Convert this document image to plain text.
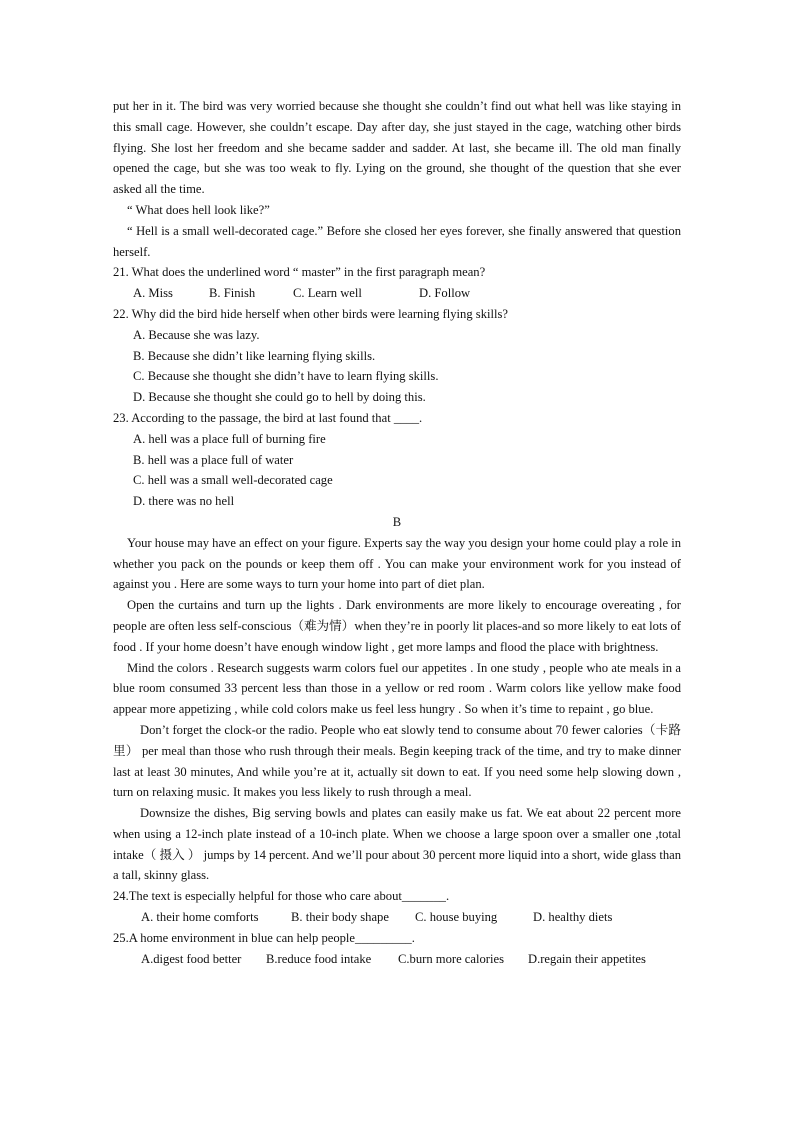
put her in it. The bird was very worried because she thought she couldn’t find out what hell was like staying in this small cage. However, she couldn’t escape. Day after day, she just stayed in the cage, watching other birds flying. She lost her freedom and she became sadder and sadder. At last, she became ill. The old man finally opened the cage, but she was too weak to fly. Lying on the ground, she thought of the question that she ever asked all the time.

“ What does hell look like?”

“ Hell is a small well-decorated cage.” Before she closed her eyes forever, she finally answered that question herself.

21. What does the underlined word “ master” in the first paragraph mean?

A. Miss	B. Finish	C. Learn well	D. Follow

22. Why did the bird hide herself when other birds were learning flying skills?

A. Because she was lazy.

B. Because she didn’t like learning flying skills.

C. Because she thought she didn’t have to learn flying skills.

D. Because she thought she could go to hell by doing this.

23. According to the passage, the bird at last found that ____.

A. hell was a place full of burning fire

B. hell was a place full of water

C. hell was a small well-decorated cage

D. there was no hell

B

Your house may have an effect on your figure. Experts say the way you design your home could play a role in whether you pack on the pounds or keep them off . You can make your environment work for you instead of against you . Here are some ways to turn your home into part of diet plan.

Open the curtains and turn up the lights . Dark environments are more likely to encourage overeating , for people are often less self-conscious（难为情）when they’re in poorly lit places-and so more likely to eat lots of food . If your home doesn’t have enough window light , get more lamps and flood the place with brightness.

Mind the colors . Research suggests warm colors fuel our appetites . In one study , people who ate meals in a blue room consumed 33 percent less than those in a yellow or red room . Warm colors like yellow make food appear more appetizing , while cold colors make us feel less hungry . So when it’s time to repaint , go blue.

Don’t forget the clock-or the radio. People who eat slowly tend to consume about 70 fewer calories（卡路里） per meal than those who rush through their meals. Begin keeping track of the time, and try to make dinner last at least 30 minutes, And while you’re at it, actually sit down to eat. If you need some help slowing down , turn on relaxing music. It makes you less likely to rush through a meal.

Downsize the dishes, Big serving bowls and plates can easily make us fat. We eat about 22 percent more when using a 12-inch plate instead of a 10-inch plate. When we choose a large spoon over a smaller one ,total intake（ 摄入 ） jumps by 14 percent. And we’ll pour about 30 percent more liquid into a short, wide glass than a tall, skinny glass.

24.The text is especially helpful for those who care about_______.

A. their home comforts	B. their body shape C. house buying	D. healthy diets

25.A home environment in blue can help people_________.

A.digest food better B.reduce food intake C.burn more calories D.regain their appetites
